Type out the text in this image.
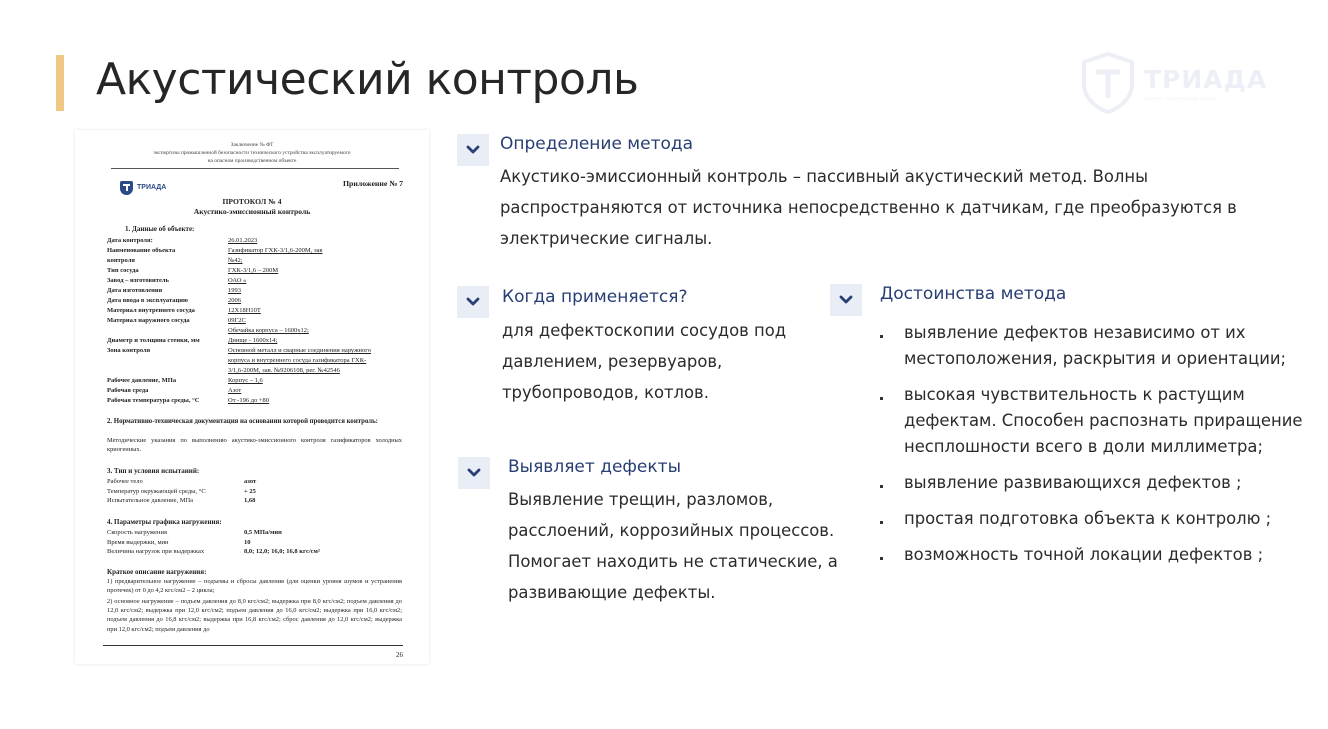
Акустический контроль	ТРИАДА
научно-технический центр
Заключение № ФТ
экспертизы промышленной безопасности технического устройства эксплуатируемого
на опасном производственном объекте
ТРИАДА	Приложение № 7
ПРОТОКОЛ № 4
Акустико-эмиссионный контроль
1. Данные об объекте:
Дата контроля:	26.01.2023
Наименование объекта	Газификатор ГХК-3/1,6-200М, зав
контроля	№42;
Тип сосуда	ГХК-3/1,6 – 200М
Завод – изготовитель	ОАО «
Дата изготовления	1993
Дата ввода в эксплуатацию	2006
Материал внутреннего сосуда	12Х18Н10Т
Материал наружного сосуда	09Г2С
Обечайка корпуса – 1600х12;
Диаметр и толщина стенки, мм	Днище - 1600х14;
Зона контроля	Основной металл и сварные соединения наружного
корпуса и внутреннего сосуда газификатора ГХК-
3/1,6-200М, зав. №9206108, рег. №42546
Рабочее давление, МПа	Корпус – 1,6
Рабочая среда	Азот
Рабочая температура среды, °С	От -196 до +80
2. Нормативно-техническая документация на основании которой проводится контроль:
Методические указания по выполнению акустико-эмиссионного контроля газификаторов холодных криогенных.
3. Тип и условия испытаний:
Рабочее тело	азот
Температур окружающей среды, °С	+ 25
Испытательное давление, МПа	1,68
4. Параметры графика нагружения:
Скорость нагружения	0,5 МПа/мин
Время выдержки, мин	10
Величина нагрузок при выдержках	8,0; 12,0; 16,0; 16,8 кгс/см²
Краткое описание нагружения:
1) предварительное нагружение – подъемы и сбросы давления (для оценки уровня шумов и устранения протечек) от 0 до 4,2 кгс/см2 – 2 цикла;
2) основное нагружение – подъем давления до 8,0 кгс/см2; выдержка при 8,0 кгс/см2; подъем давления до 12,0 кгс/см2; выдержка при 12,0 кгс/см2; подъем давления до 16,0 кгс/см2; выдержка при 16,0 кгс/см2; подъем давления до 16,8 кгс/см2; выдержка при 16,8 кгс/см2; сброс давления до 12,0 кгс/см2; выдержка при 12,0 кгс/см2; подъем давления до
26
Определение метода
Акустико-эмиссионный контроль – пассивный акустический метод. Волны распространяются от источника непосредственно к датчикам, где преобразуются в электрические сигналы.
Когда применяется?
для дефектоскопии сосудов под давлением, резервуаров, трубопроводов, котлов.
Выявляет дефекты
Выявление трещин, разломов, расслоений, коррозийных процессов. Помогает находить не статические, а развивающие дефекты.
Достоинства метода
выявление дефектов независимо от их местоположения, раскрытия и ориентации;
высокая чувствительность к растущим дефектам. Способен распознать приращение несплошности всего в доли миллиметра;
выявление развивающихся дефектов ;
простая подготовка объекта к контролю ;
возможность точной локации дефектов ;
